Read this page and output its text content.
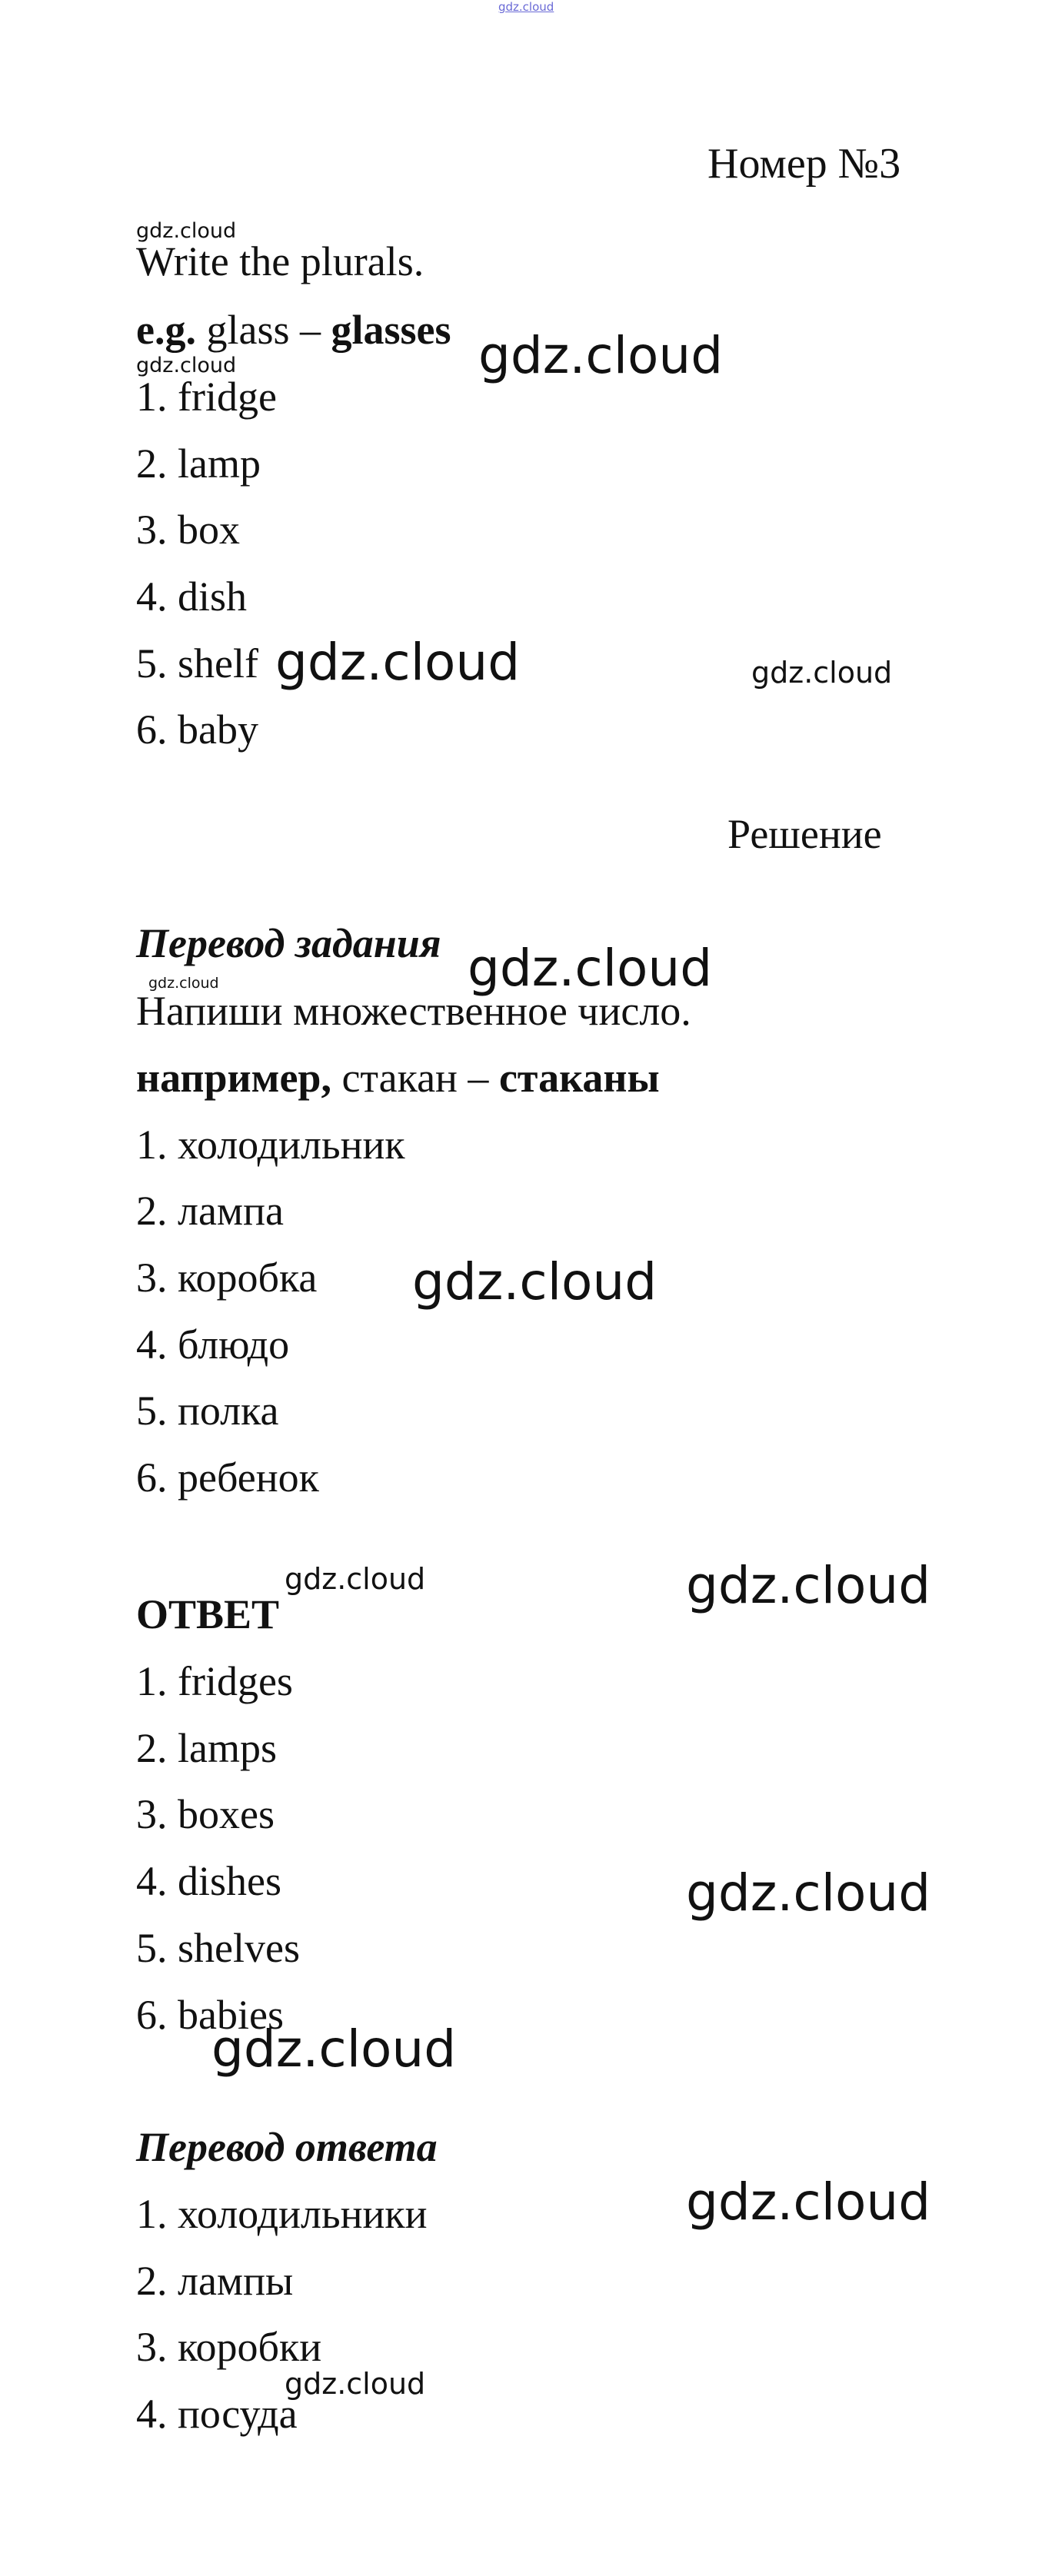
gdz.cloud
Номер №3
gdz.cloud
Write the plurals.
e.g. glass – glasses gdz.cloud
gdz.cloud
1. fridge
2. lamp
3. box
4. dish
5. shelf gdz.cloud	gdz.cloud
6. baby
Решение
Перевод задания gdz.cloud
gdz.cloud
Напиши множественное число.
например, стакан – стаканы
1. холодильник
2. лампа
3. коробка gdz.cloud
4. блюдо
5. полка
6. ребенок
gdz.cloud	gdz.cloud
ОТВЕТ
1. fridges
2. lamps
3. boxes
4. dishes	gdz.cloud
5. shelves
6. babies
gdz.cloud
Перевод ответа
1. холодильники	gdz.cloud
2. лампы
3. коробки
gdz.cloud
4. посуда
